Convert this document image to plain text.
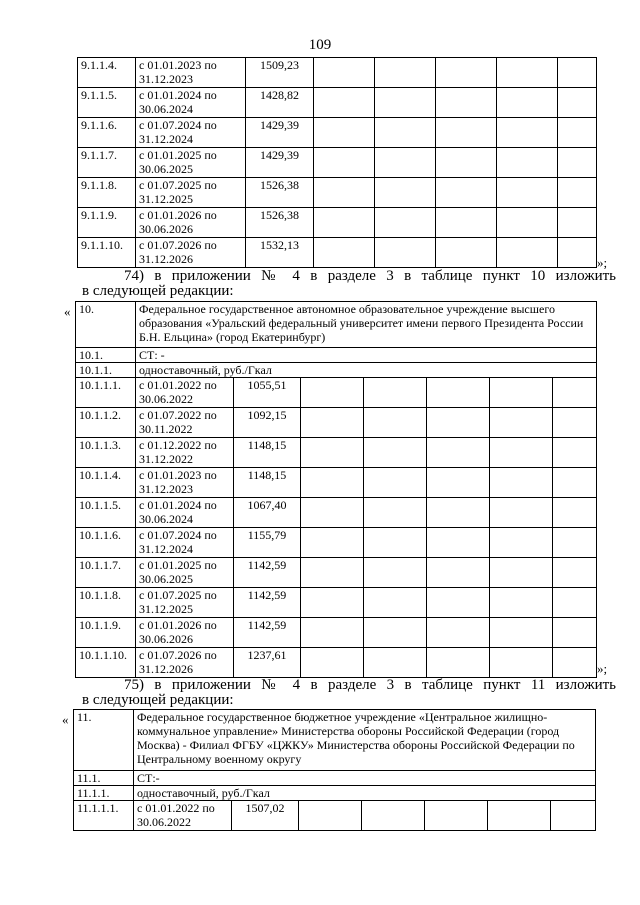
109
9.1.1.4.	с 01.01.2023 по 31.12.2023	1509,23					
9.1.1.5.	с 01.01.2024 по 30.06.2024	1428,82					
9.1.1.6.	с 01.07.2024 по 31.12.2024	1429,39					
9.1.1.7.	с 01.01.2025 по 30.06.2025	1429,39					
9.1.1.8.	с 01.07.2025 по 31.12.2025	1526,38					
9.1.1.9.	с 01.01.2026 по 30.06.2026	1526,38					
9.1.1.10.	с 01.07.2026 по 31.12.2026	1532,13					
»;
74) в приложении № 4 в разделе 3 в таблице пункт 10 изложить
в следующей редакции:
« 10.	Федеральное государственное автономное образовательное учреждение высшего образования «Уральский федеральный университет имени первого Президента России Б.Н. Ельцина» (город Екатеринбург)						
10.1.	СТ: -						
10.1.1.	одноставочный, руб./Гкал						
10.1.1.1.	с 01.01.2022 по 30.06.2022	1055,51					
10.1.1.2.	с 01.07.2022 по 30.11.2022	1092,15					
10.1.1.3.	с 01.12.2022 по 31.12.2022	1148,15					
10.1.1.4.	с 01.01.2023 по 31.12.2023	1148,15					
10.1.1.5.	с 01.01.2024 по 30.06.2024	1067,40					
10.1.1.6.	с 01.07.2024 по 31.12.2024	1155,79					
10.1.1.7.	с 01.01.2025 по 30.06.2025	1142,59					
10.1.1.8.	с 01.07.2025 по 31.12.2025	1142,59					
10.1.1.9.	с 01.01.2026 по 30.06.2026	1142,59					
10.1.1.10.	с 01.07.2026 по 31.12.2026	1237,61					
»;
75) в приложении № 4 в разделе 3 в таблице пункт 11 изложить
в следующей редакции:
« 11.	Федеральное государственное бюджетное учреждение «Центральное жилищно-коммунальное управление» Министерства обороны Российской Федерации (город Москва) - Филиал ФГБУ «ЦЖКУ» Министерства обороны Российской Федерации по Центральному военному округу						
11.1.	СТ:-						
11.1.1.	одноставочный, руб./Гкал						
11.1.1.1.	с 01.01.2022 по 30.06.2022	1507,02					
